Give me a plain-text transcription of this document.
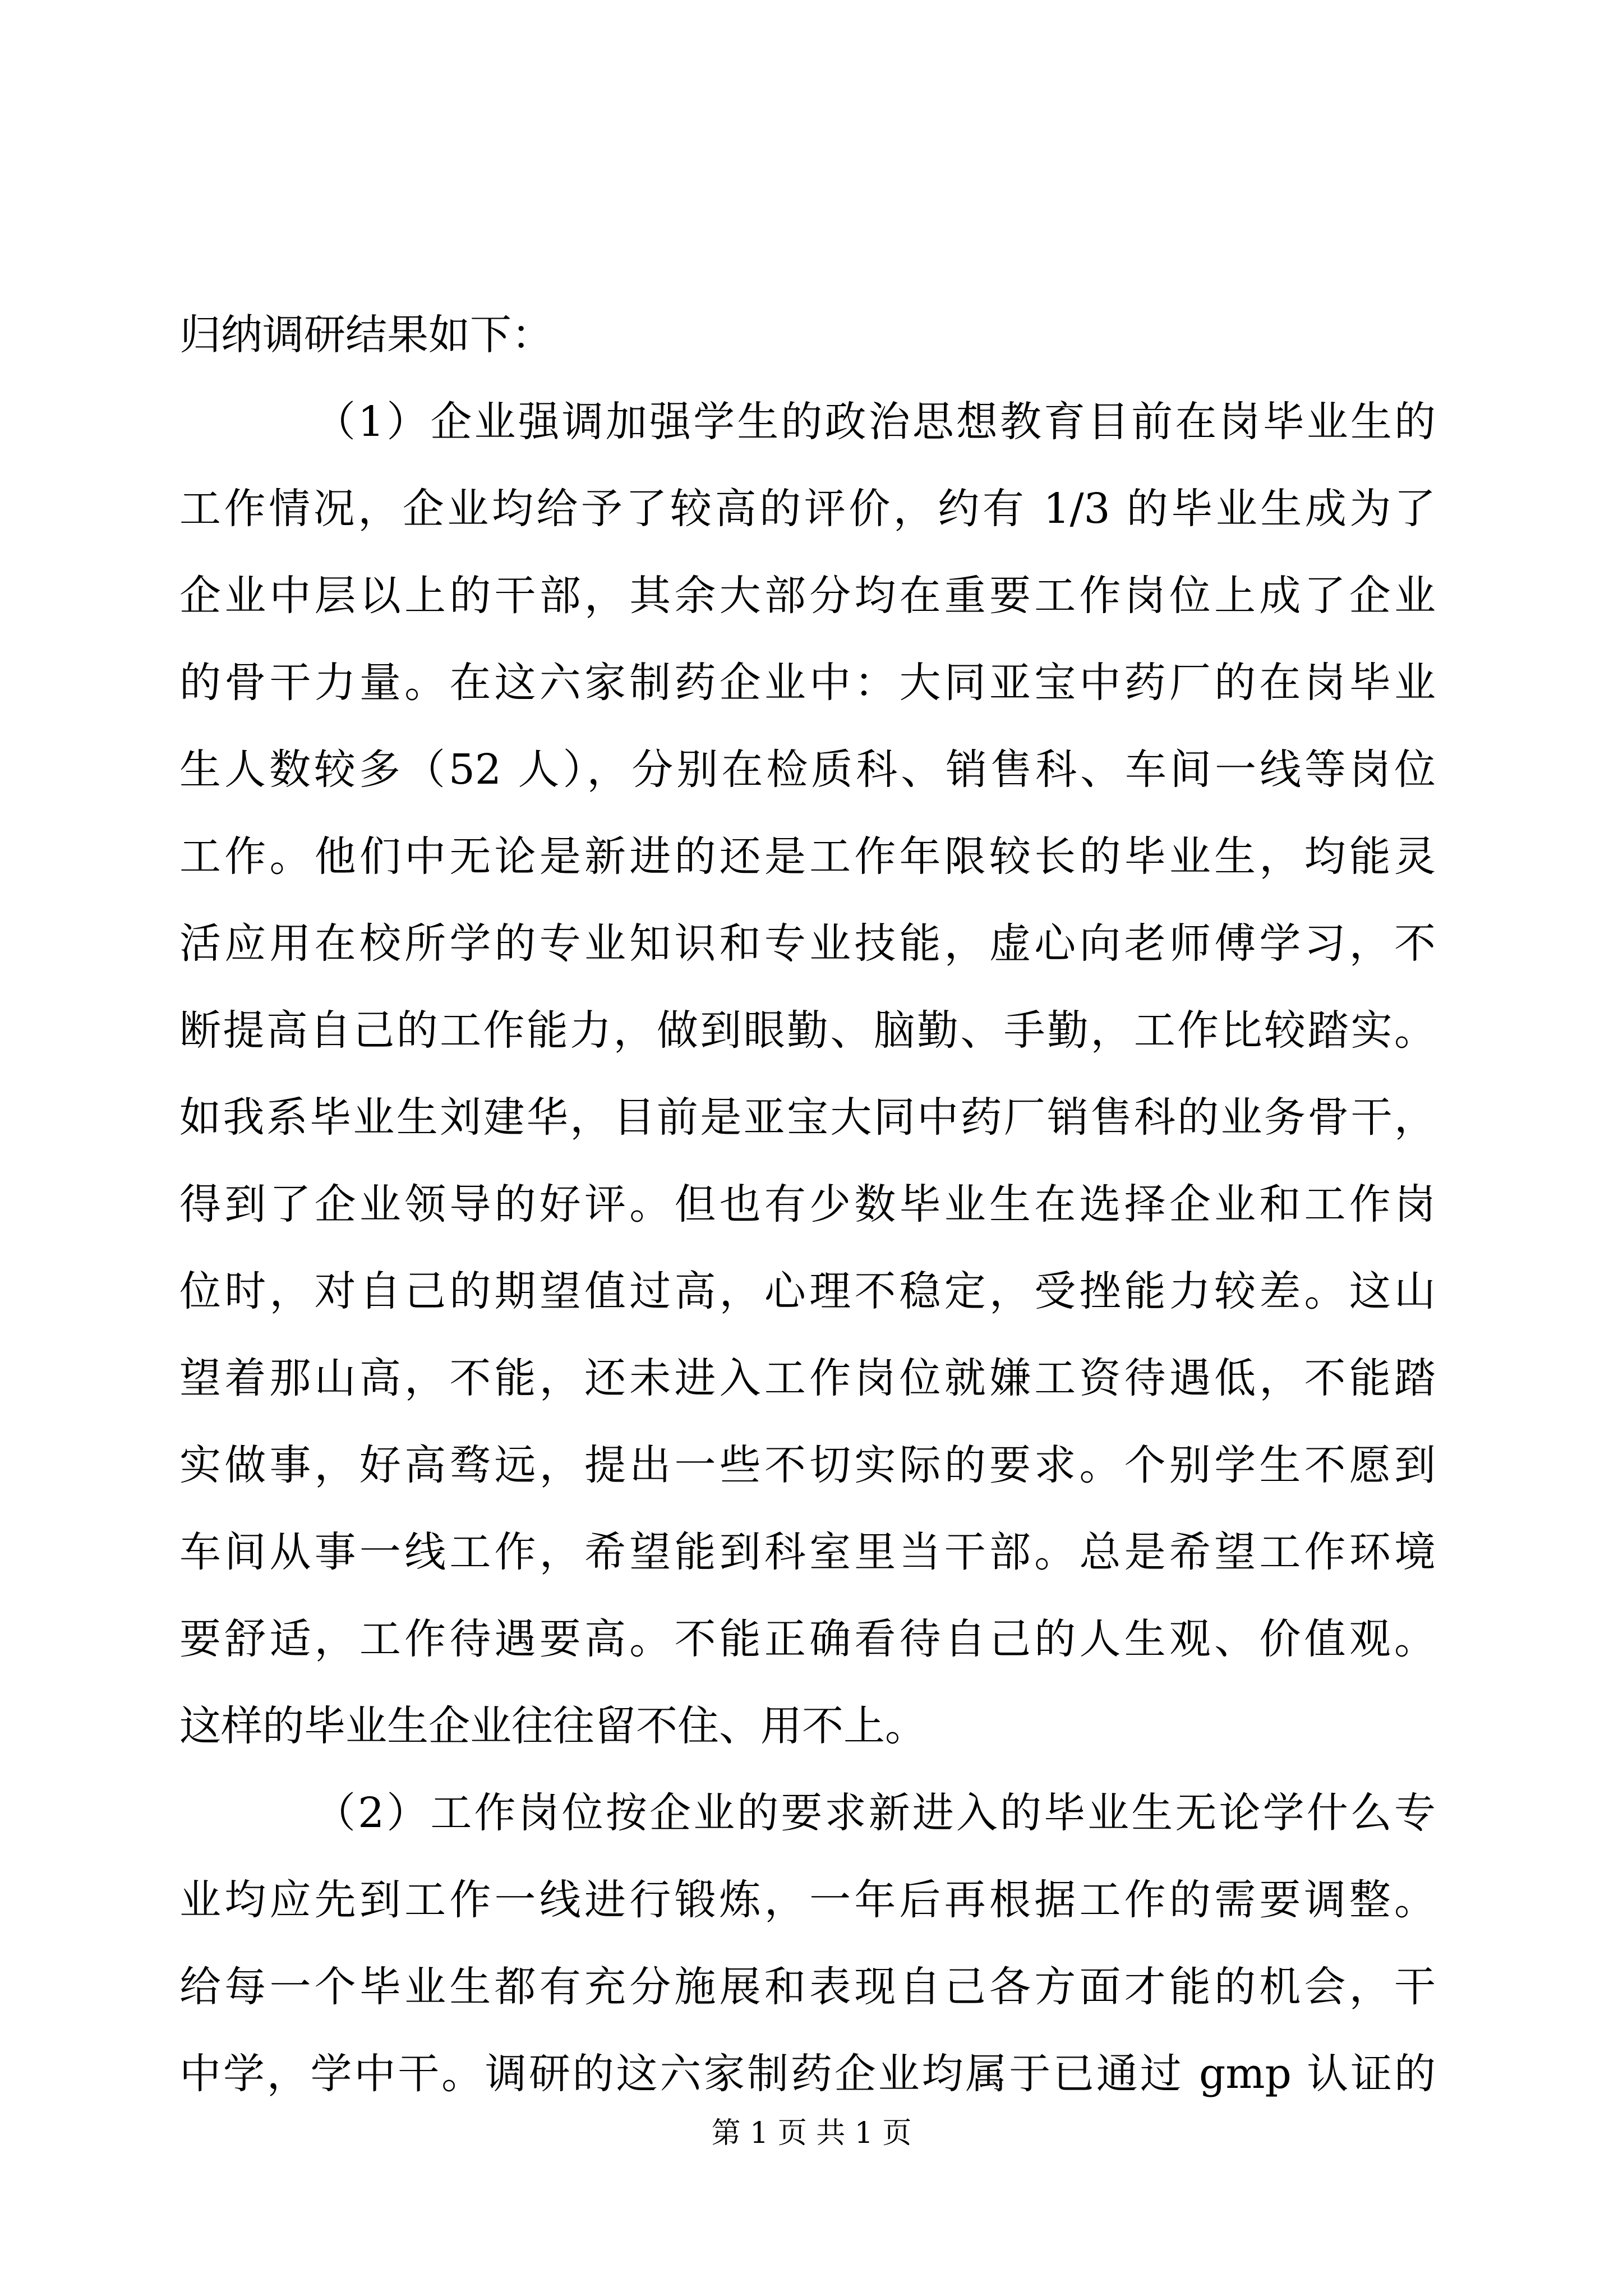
归纳调研结果如下：
（1）企业强调加强学生的政治思想教育目前在岗毕业生的
工作情况，企业均给予了较高的评价，约有 1/3 的毕业生成为了
企业中层以上的干部，其余大部分均在重要工作岗位上成了企业
的骨干力量。在这六家制药企业中：大同亚宝中药厂的在岗毕业
生人数较多（52 人），分别在检质科、销售科、车间一线等岗位
工作。他们中无论是新进的还是工作年限较长的毕业生，均能灵
活应用在校所学的专业知识和专业技能，虚心向老师傅学习，不
断提高自己的工作能力，做到眼勤、脑勤、手勤，工作比较踏实。
如我系毕业生刘建华，目前是亚宝大同中药厂销售科的业务骨干，
得到了企业领导的好评。但也有少数毕业生在选择企业和工作岗
位时，对自己的期望值过高，心理不稳定，受挫能力较差。这山
望着那山高，不能，还未进入工作岗位就嫌工资待遇低，不能踏
实做事，好高骛远，提出一些不切实际的要求。个别学生不愿到
车间从事一线工作，希望能到科室里当干部。总是希望工作环境
要舒适，工作待遇要高。不能正确看待自己的人生观、价值观。
这样的毕业生企业往往留不住、用不上。
（2）工作岗位按企业的要求新进入的毕业生无论学什么专
业均应先到工作一线进行锻炼，一年后再根据工作的需要调整。
给每一个毕业生都有充分施展和表现自己各方面才能的机会，干
中学，学中干。调研的这六家制药企业均属于已通过 gmp 认证的
第 1 页 共 1 页
